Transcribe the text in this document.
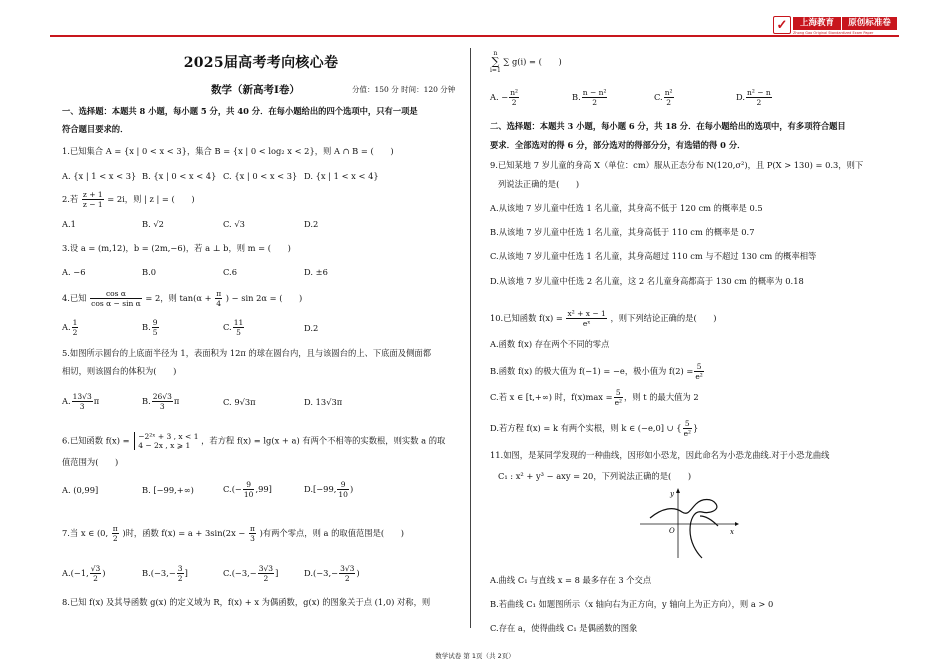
✓	上海教育	原创标准卷
Zhong Gao Original Standardized Exam Paper
2025届高考考向核心卷
数学（新高考Ⅰ卷）	分值：150 分 时间：120 分钟
一、选择题：本题共 8 小题，每小题 5 分，共 40 分．在每小题给出的四个选项中，只有一项是
符合题目要求的．
1.已知集合 A = {x | 0 < x < 3}，集合 B = {x | 0 < log₂ x < 2}，则 A ∩ B = (　　)
A. {x | 1 < x < 3} B. {x | 0 < x < 4} C. {x | 0 < x < 3} D. {x | 1 < x < 4}
2.若 $\frac{z + 1}{z - 1} = 2i$，则 | z | = (　　)
A.1	B. √2	C. √3	D.2
3.设 a = (m,12)，b = (2m,−6)，若 a ⊥ b，则 m = (　　)
A. −6	B.0	C.6	D. ±6
4.已知 $\frac{\text{cos α}}{\text{cos α − sin α}} = 2$，则 $\tan(\alpha + \frac{\pi}{4}$ ) − sin 2α = (　　)
A. $\frac{1}{2}$	B. $\frac{9}{5}$	C. $\frac{11}{5}$	D.2
5.如图所示圆台的上底面半径为 1，表面积为 12π 的球在圆台内，且与该圆台的上、下底面及侧面都
相切，则该圆台的体积为(　　)
A. $\frac{13√3}{3}$ π	B. $\frac{26√3}{3}$ π	C. 9√3π	D. 13√3π
6.已知函数 f(x) = −2²ˣ + 3 , x < 1
4 − 2x , x ⩾ 1	，若方程 f(x) = lg(x + a) 有两个不相等的实数根，则实数 a 的取
值范围为(　　)
A. (0,99]	B. [−99,+∞)	$C.(- \frac{9}{10} ,99]$	D.[−99, $\frac{9}{10}$ )
7.当 x ∈ (0, $\frac{\pi}{2}$ )时，函数 $f(x) = a + 3\sin(2x - \frac{\pi}{3}$ )有两个零点，则 a 的取值范围是(　　)
A.(−1, $\frac{√3}{2}$ )	$B.(-3,- \frac{3}{2}$ ]	$C.(-3,- \frac{3√3}{2}$ ]	$D.(-3,- \frac{3√3}{2}$ )
8.已知 f(x) 及其导函数 g(x) 的定义域为 R，f(x) + x 为偶函数，g(x) 的图象关于点 (1,0) 对称，则
n
∑
i=1
∑ g(i) = (　　)
A. − $\frac{\text{n²}}{2}$	B. $\frac{\text{n − n²}}{2}$	C. $\frac{\text{n²}}{2}$	D. $\frac{\text{n² − n}}{2}$
二、选择题：本题共 3 小题，每小题 6 分，共 18 分．在每小题给出的选项中，有多项符合题目
要求．全部选对的得 6 分，部分选对的得部分分，有选错的得 0 分．
9.已知某地 7 岁儿童的身高 X（单位：cm）服从正态分布 N(120,σ²)，且 P(X > 130) = 0.3，则下
列说法正确的是(　　)
A.从该地 7 岁儿童中任选 1 名儿童，其身高不低于 120 cm 的概率是 0.5
B.从该地 7 岁儿童中任选 1 名儿童，其身高低于 110 cm 的概率是 0.7
C.从该地 7 岁儿童中任选 1 名儿童，其身高超过 110 cm 与不超过 130 cm 的概率相等
D.从该地 7 岁儿童中任选 2 名儿童，这 2 名儿童身高都高于 130 cm 的概率为 0.18
10.已知函数 $f(x) = \frac{\text{x² + x − 1}}{\text{eˣ}}$ ，则下列结论正确的是(　　)
A.函数 f(x) 存在两个不同的零点
B.函数 f(x) 的极大值为 f(−1) = −e，极小值为 $f(2) = \frac{5}{\text{e²}}$
C.若 x ∈ [t,+∞) 时，$f(x)\max = \frac{5}{\text{e²}}$ ，则 t 的最大值为 2
D.若方程 f(x) = k 有两个实根，则 k ∈ (−e,0] ∪ { $\frac{5}{\text{e²}}$ }
11.如图，是某同学发现的一种曲线，因形如小恐龙，因此命名为小恐龙曲线.对于小恐龙曲线
C₁ : x² + y³ − axy = 20，下列说法正确的是(　　)
y
O	x
A.曲线 C₁ 与直线 x = 8 最多存在 3 个交点
B.若曲线 C₁ 如题图所示（x 轴向右为正方向，y 轴向上为正方向），则 a > 0
C.存在 a，使得曲线 C₁ 是偶函数的图象
数学试卷 第 1页（共 2页）
